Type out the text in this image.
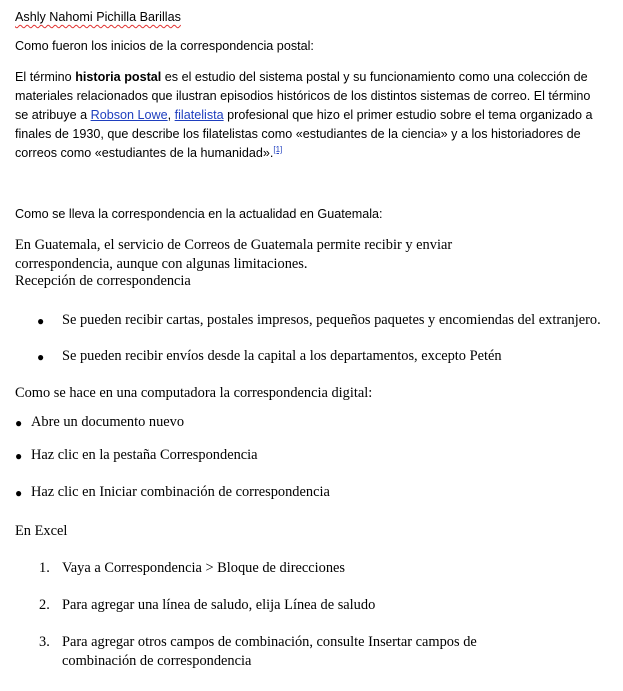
Ashly Nahomi Pichilla Barillas
Como fueron los inicios de la correspondencia postal:
El término historia postal es el estudio del sistema postal y su funcionamiento como una colección de materiales relacionados que ilustran episodios históricos de los distintos sistemas de correo. El término se atribuye a Robson Lowe, filatelista profesional que hizo el primer estudio sobre el tema organizado a finales de 1930, que describe los filatelistas como «estudiantes de la ciencia» y a los historiadores de correos como «estudiantes de la humanidad».[1]
Como se lleva la correspondencia en la actualidad en Guatemala:
En Guatemala, el servicio de Correos de Guatemala permite recibir y enviar correspondencia, aunque con algunas limitaciones.
Recepción de correspondencia
● Se pueden recibir cartas, postales impresos, pequeños paquetes y encomiendas del extranjero.
● Se pueden recibir envíos desde la capital a los departamentos, excepto Petén
Como se hace en una computadora la correspondencia digital:
● Abre un documento nuevo
● Haz clic en la pestaña Correspondencia
● Haz clic en Iniciar combinación de correspondencia
En Excel
1. Vaya a Correspondencia > Bloque de direcciones
2. Para agregar una línea de saludo, elija Línea de saludo
3. Para agregar otros campos de combinación, consulte Insertar campos de combinación de correspondencia
